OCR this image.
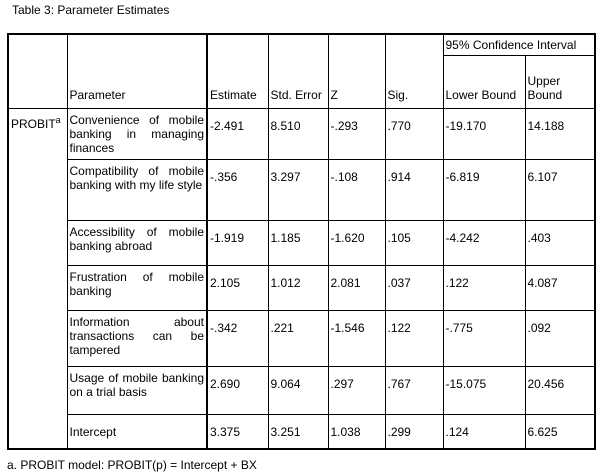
Table 3: Parameter Estimates
						95% Confidence Interval	
	Parameter	Estimate	Std. Error	Z	Sig.	Lower Bound	Upper
Bound
PROBIT$^a$	Convenience of mobile banking in managing finances	-2.491	8.510	-.293	.770	-19.170	14.188
	Compatibility of mobile banking with my life style	-.356	3.297	-.108	.914	-6.819	6.107
	Accessibility of mobile banking abroad	-1.919	1.185	-1.620	.105	-4.242	.403
	Frustration of mobile banking	2.105	1.012	2.081	.037	.122	4.087
	Information about transactions can be tampered	-.342	.221	-1.546	.122	-.775	.092
	Usage of mobile banking on a trial basis	2.690	9.064	.297	.767	-15.075	20.456
	Intercept	3.375	3.251	1.038	.299	.124	6.625
a. PROBIT model: PROBIT(p) = Intercept + BX
